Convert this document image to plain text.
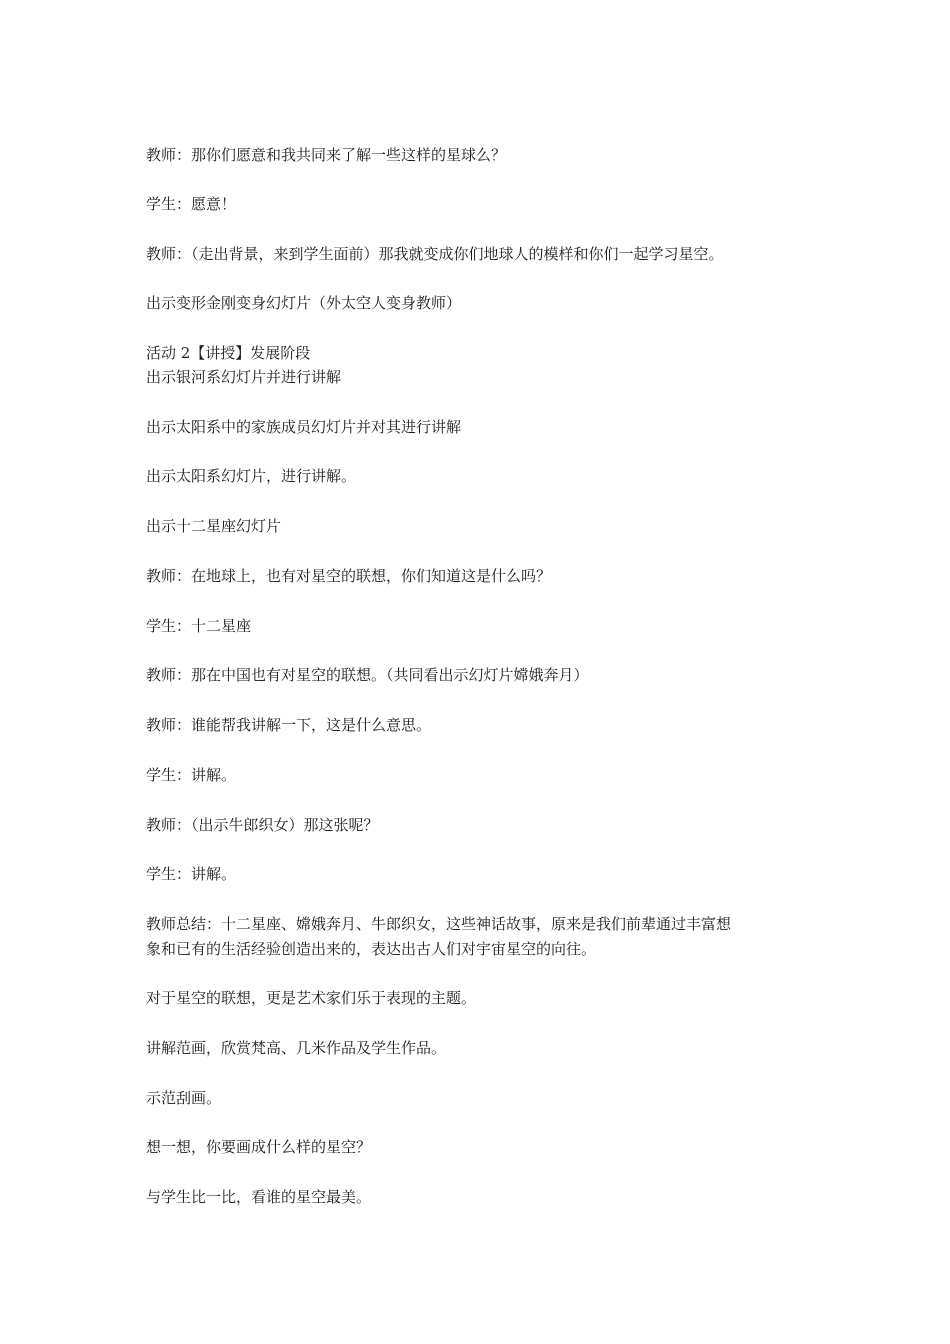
教师：那你们愿意和我共同来了解一些这样的星球么？
学生：愿意！
教师：（走出背景，来到学生面前）那我就变成你们地球人的模样和你们一起学习星空。
出示变形金刚变身幻灯片（外太空人变身教师）
活动 2【讲授】发展阶段
出示银河系幻灯片并进行讲解
出示太阳系中的家族成员幻灯片并对其进行讲解
出示太阳系幻灯片，进行讲解。
出示十二星座幻灯片
教师：在地球上，也有对星空的联想，你们知道这是什么吗？
学生：十二星座
教师：那在中国也有对星空的联想。（共同看出示幻灯片嫦娥奔月）
教师：谁能帮我讲解一下，这是什么意思。
学生：讲解。
教师：（出示牛郎织女）那这张呢？
学生：讲解。
教师总结：十二星座、嫦娥奔月、牛郎织女，这些神话故事，原来是我们前辈通过丰富想
象和已有的生活经验创造出来的，表达出古人们对宇宙星空的向往。
对于星空的联想，更是艺术家们乐于表现的主题。
讲解范画，欣赏梵高、几米作品及学生作品。
示范刮画。
想一想，你要画成什么样的星空？
与学生比一比，看谁的星空最美。
